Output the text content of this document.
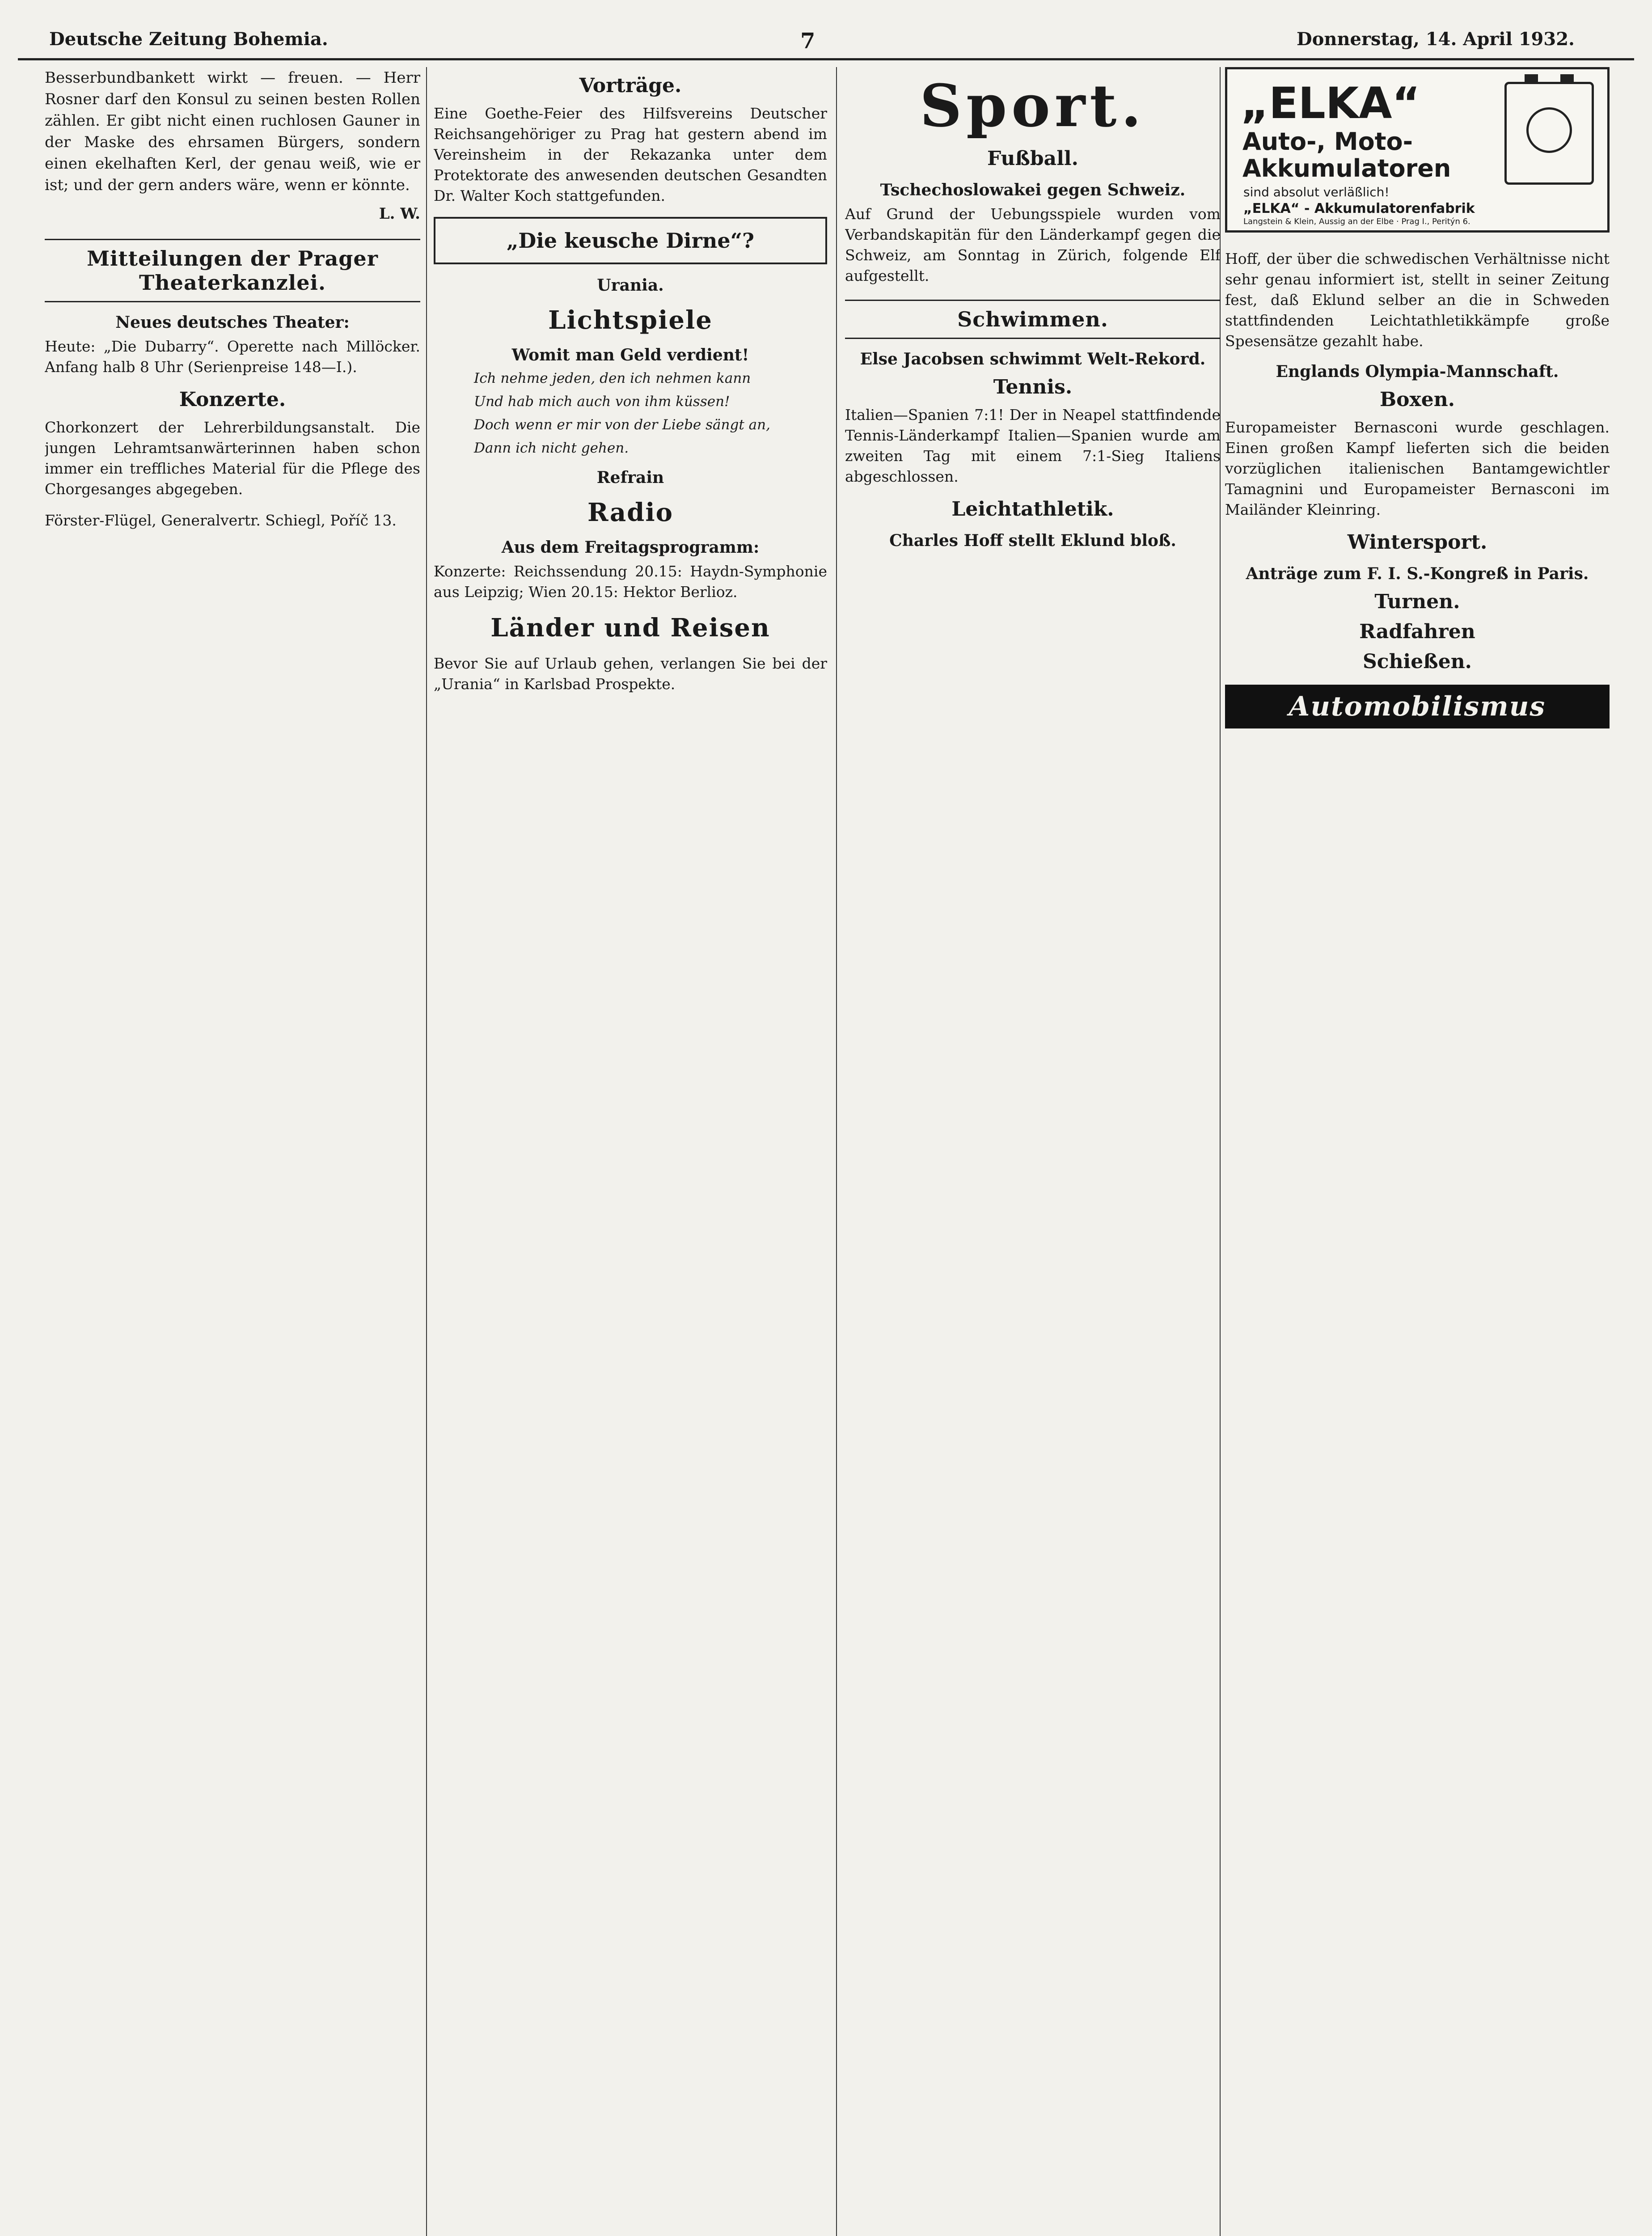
Deutsche Zeitung Bohemia.	7	Donnerstag, 14. April 1932.

Besserbundbankett wirkt — freuen. — Herr Rosner darf den Konsul zu seinen besten Rollen zählen. Er gibt nicht einen ruchlosen Gauner in der Maske des ehrsamen Bürgers, sondern einen ekelhaften Kerl, der genau weiß, wie er ist; und der gern anders wäre, wenn er könnte.

L. W.

Mitteilungen der Prager Theaterkanzlei.
Neues deutsches Theater:

Heute: „Die Dubarry“. Operette nach Millöcker. Anfang halb 8 Uhr (Serienpreise 148—I.).

Konzerte.

Chorkonzert der Lehrerbildungsanstalt. Die jungen Lehramtsanwärterinnen haben schon immer ein treffliches Material für die Pflege des Chorgesanges abgegeben.

Förster-Flügel, Generalvertr. Schiegl, Poříč 13.

Vorträge.

Eine Goethe-Feier des Hilfsvereins Deutscher Reichsangehöriger zu Prag hat gestern abend im Vereinsheim in der Rekazanka unter dem Protektorate des anwesenden deutschen Gesandten Dr. Walter Koch stattgefunden.

„Die keusche Dirne“?
Urania.
Lichtspiele
Womit man Geld verdient!

Ich nehme jeden, den ich nehmen kann

Und hab mich auch von ihm küssen!

Doch wenn er mir von der Liebe sängt an,

Dann ich nicht gehen.

Refrain
Radio
Aus dem Freitagsprogramm:

Konzerte: Reichssendung 20.15: Haydn-Symphonie aus Leipzig; Wien 20.15: Hektor Berlioz.

Länder und Reisen

Bevor Sie auf Urlaub gehen, verlangen Sie bei der „Urania“ in Karlsbad Prospekte.

Sport.
Fußball.
Tschechoslowakei gegen Schweiz.

Auf Grund der Uebungsspiele wurden vom Verbandskapitän für den Länderkampf gegen die Schweiz, am Sonntag in Zürich, folgende Elf aufgestellt.

Schwimmen.
Else Jacobsen schwimmt Welt-Rekord.
Tennis.

Italien—Spanien 7:1! Der in Neapel stattfindende Tennis-Länderkampf Italien—Spanien wurde am zweiten Tag mit einem 7:1-Sieg Italiens abgeschlossen.

Leichtathletik.
Charles Hoff stellt Eklund bloß.
„ELKA“
Auto-, Moto-
Akkumulatoren
sind absolut verläßlich!
„ELKA“ - Akkumulatorenfabrik
Langstein & Klein, Aussig an der Elbe · Prag I., Peritýn 6.

Hoff, der über die schwedischen Verhältnisse nicht sehr genau informiert ist, stellt in seiner Zeitung fest, daß Eklund selber an die in Schweden stattfindenden Leichtathletikkämpfe große Spesensätze gezahlt habe.

Englands Olympia-Mannschaft.
Boxen.

Europameister Bernasconi wurde geschlagen. Einen großen Kampf lieferten sich die beiden vorzüglichen italienischen Bantamgewichtler Tamagnini und Europameister Bernasconi im Mailänder Kleinring.

Wintersport.
Anträge zum F. I. S.-Kongreß in Paris.
Turnen.
Radfahren
Schießen.
Automobilismus
